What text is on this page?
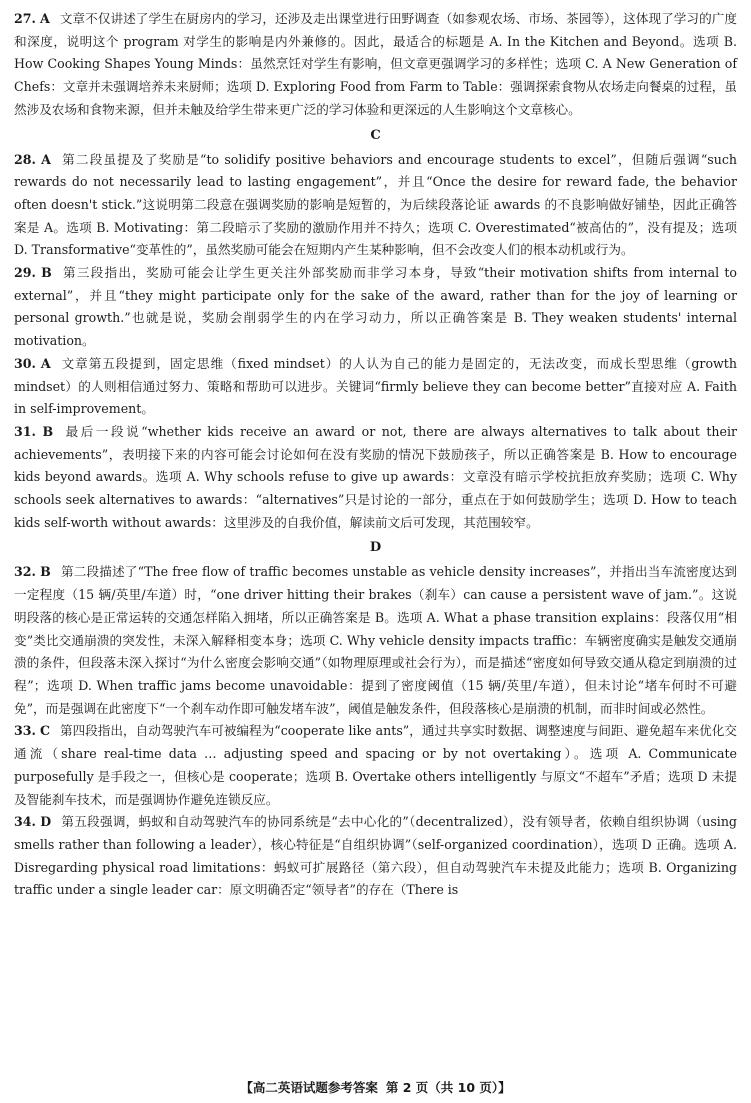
27. A 文章不仅讲述了学生在厨房内的学习，还涉及走出课堂进行田野调查（如参观农场、市场、茶园等），这体现了学习的广度和深度，说明这个 program 对学生的影响是内外兼修的。因此，最适合的标题是 A. In the Kitchen and Beyond。选项 B. How Cooking Shapes Young Minds：虽然烹饪对学生有影响，但文章更强调学习的多样性；选项 C. A New Generation of Chefs：文章并未强调培养未来厨师；选项 D. Exploring Food from Farm to Table：强调探索食物从农场走向餐桌的过程，虽然涉及农场和食物来源，但并未触及给学生带来更广泛的学习体验和更深远的人生影响这个文章核心。

C

28. A 第二段虽提及了奖励是“to solidify positive behaviors and encourage students to excel”，但随后强调“such rewards do not necessarily lead to lasting engagement”，并且“Once the desire for reward fade, the behavior often doesn't stick.”这说明第二段意在强调奖励的影响是短暂的，为后续段落论证 awards 的不良影响做好铺垫，因此正确答案是 A。选项 B. Motivating：第二段暗示了奖励的激励作用并不持久；选项 C. Overestimated“被高估的”，没有提及；选项 D. Transformative“变革性的”，虽然奖励可能会在短期内产生某种影响，但不会改变人们的根本动机或行为。

29. B 第三段指出，奖励可能会让学生更关注外部奖励而非学习本身，导致“their motivation shifts from internal to external”，并且“they might participate only for the sake of the award, rather than for the joy of learning or personal growth.”也就是说，奖励会削弱学生的内在学习动力，所以正确答案是 B. They weaken students' internal motivation。

30. A 文章第五段提到，固定思维（fixed mindset）的人认为自己的能力是固定的，无法改变，而成长型思维（growth mindset）的人则相信通过努力、策略和帮助可以进步。关键词“firmly believe they can become better”直接对应 A. Faith in self-improvement。

31. B 最后一段说“whether kids receive an award or not, there are always alternatives to talk about their achievements”，表明接下来的内容可能会讨论如何在没有奖励的情况下鼓励孩子，所以正确答案是 B. How to encourage kids beyond awards。选项 A. Why schools refuse to give up awards：文章没有暗示学校抗拒放弃奖励；选项 C. Why schools seek alternatives to awards：“alternatives”只是讨论的一部分，重点在于如何鼓励学生；选项 D. How to teach kids self-worth without awards：这里涉及的自我价值，解读前文后可发现，其范围较窄。

D

32. B 第二段描述了“The free flow of traffic becomes unstable as vehicle density increases”，并指出当车流密度达到一定程度（15 辆/英里/车道）时，“one driver hitting their brakes（刹车）can cause a persistent wave of jam.”。这说明段落的核心是正常运转的交通怎样陷入拥堵，所以正确答案是 B。选项 A. What a phase transition explains：段落仅用“相变”类比交通崩溃的突发性，未深入解释相变本身；选项 C. Why vehicle density impacts traffic：车辆密度确实是触发交通崩溃的条件，但段落未深入探讨“为什么密度会影响交通”（如物理原理或社会行为），而是描述“密度如何导致交通从稳定到崩溃的过程”；选项 D. When traffic jams become unavoidable：提到了密度阈值（15 辆/英里/车道），但未讨论“堵车何时不可避免”，而是强调在此密度下“一个刹车动作即可触发堵车波”，阈值是触发条件，但段落核心是崩溃的机制，而非时间或必然性。

33. C 第四段指出，自动驾驶汽车可被编程为“cooperate like ants”，通过共享实时数据、调整速度与间距、避免超车来优化交通流（share real-time data … adjusting speed and spacing or by not overtaking）。选项 A. Communicate purposefully 是手段之一，但核心是 cooperate；选项 B. Overtake others intelligently 与原文“不超车”矛盾；选项 D 未提及智能刹车技术，而是强调协作避免连锁反应。

34. D 第五段强调，蚂蚁和自动驾驶汽车的协同系统是“去中心化的”（decentralized），没有领导者，依赖自组织协调（using smells rather than following a leader），核心特征是“自组织协调”（self-organized coordination），选项 D 正确。选项 A. Disregarding physical road limitations：蚂蚁可扩展路径（第六段），但自动驾驶汽车未提及此能力；选项 B. Organizing traffic under a single leader car：原文明确否定“领导者”的存在（There is

【高二英语试题参考答案 第 2 页（共 10 页）】
